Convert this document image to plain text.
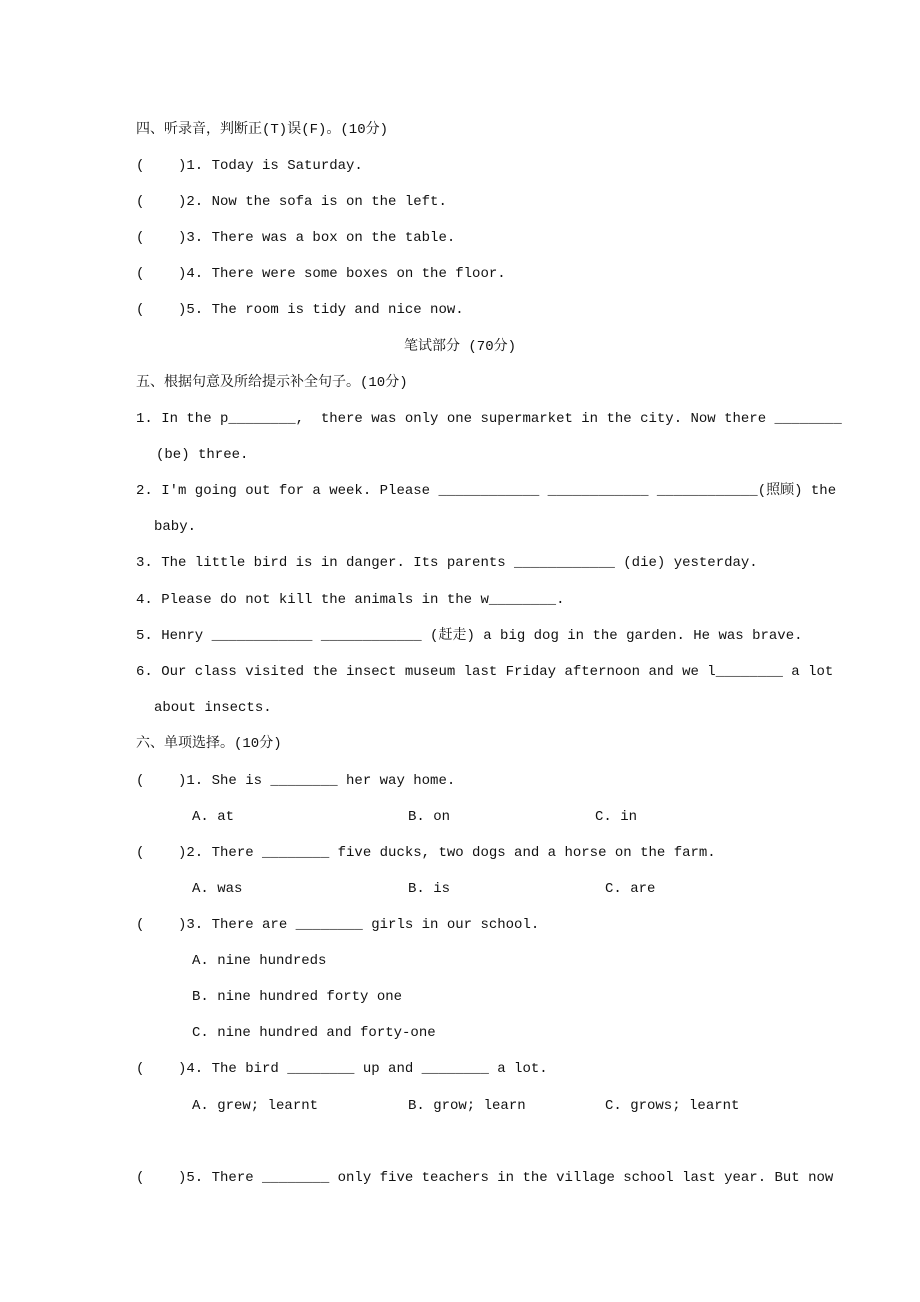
四、听录音，判断正(T)误(F)。(10分)
(    )1. Today is Saturday.
(    )2. Now the sofa is on the left.
(    )3. There was a box on the table.
(    )4. There were some boxes on the floor.
(    )5. The room is tidy and nice now.
笔试部分 (70分)
五、根据句意及所给提示补全句子。(10分)
1. In the p________,  there was only one supermarket in the city. Now there ________
(be) three.
2. I'm going out for a week. Please ____________ ____________ ____________(照顾) the
baby.
3. The little bird is in danger. Its parents ____________ (die) yesterday.
4. Please do not kill the animals in the w________.
5. Henry ____________ ____________ (赶走) a big dog in the garden. He was brave.
6. Our class visited the insect museum last Friday afternoon and we l________ a lot
about insects.
六、单项选择。(10分)
(    )1. She is ________ her way home.
A. at	B. on	C. in
(    )2. There ________ five ducks, two dogs and a horse on the farm.
A. was	B. is	C. are
(    )3. There are ________ girls in our school.
A. nine hundreds
B. nine hundred forty one
C. nine hundred and forty-one
(    )4. The bird ________ up and ________ a lot.
A. grew; learnt	B. grow; learn	C. grows; learnt
(    )5. There ________ only five teachers in the village school last year. But now
